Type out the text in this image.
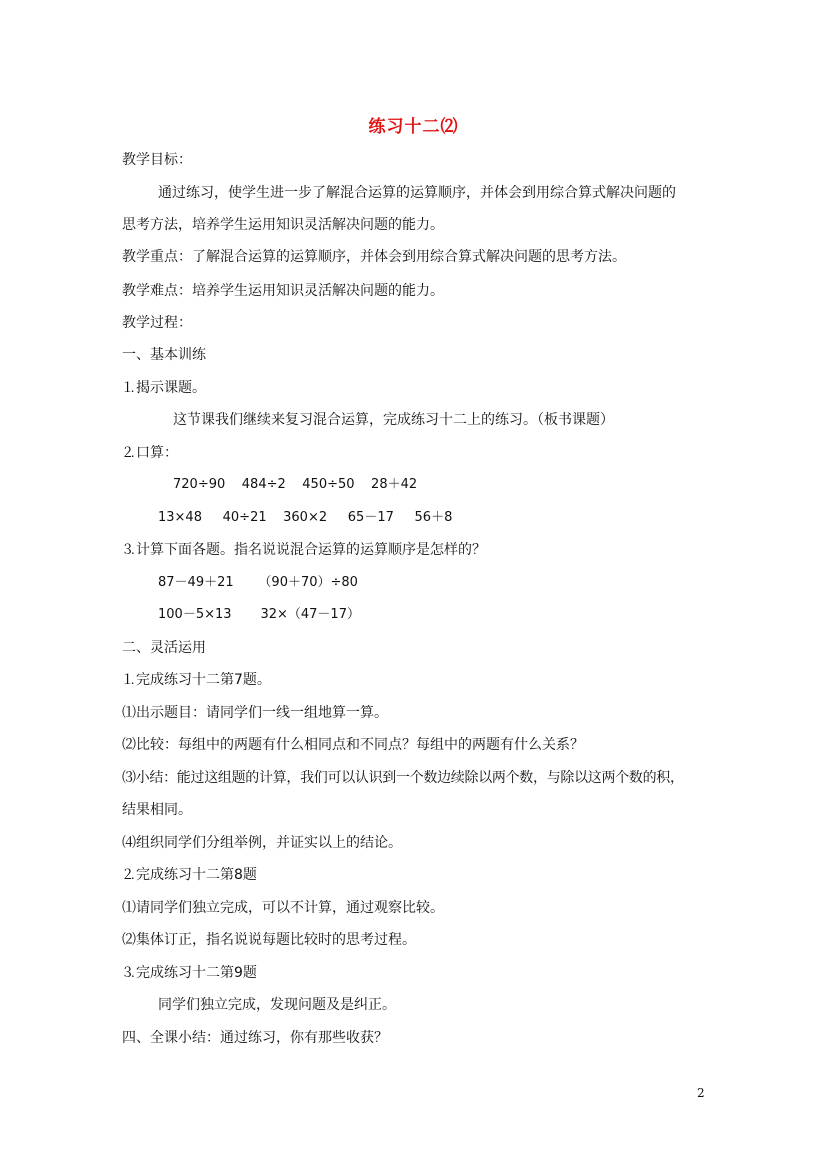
练习十二⑵
教学目标：
通过练习，使学生进一步了解混合运算的运算顺序，并体会到用综合算式解决问题的
思考方法，培养学生运用知识灵活解决问题的能力。
教学重点：了解混合运算的运算顺序，并体会到用综合算式解决问题的思考方法。
教学难点：培养学生运用知识灵活解决问题的能力。
教学过程：
一、基本训练
⒈揭示课题。
这节课我们继续来复习混合运算，完成练习十二上的练习。（板书课题）
⒉口算：
720÷90    484÷2    450÷50    28＋42
13×48     40÷21    360×2     65－17     56＋8
⒊计算下面各题。指名说说混合运算的运算顺序是怎样的？
87－49＋21      （90＋70）÷80
100－5×13       32×（47－17）
二、灵活运用
⒈完成练习十二第7题。
⑴出示题目：请同学们一线一组地算一算。
⑵比较：每组中的两题有什么相同点和不同点？每组中的两题有什么关系？
⑶小结：能过这组题的计算，我们可以认识到一个数边续除以两个数，与除以这两个数的积，
结果相同。
⑷组织同学们分组举例，并证实以上的结论。
⒉完成练习十二第8题
⑴请同学们独立完成，可以不计算，通过观察比较。
⑵集体订正，指名说说每题比较时的思考过程。
⒊完成练习十二第9题
同学们独立完成，发现问题及是纠正。
四、全课小结：通过练习，你有那些收获？
2
